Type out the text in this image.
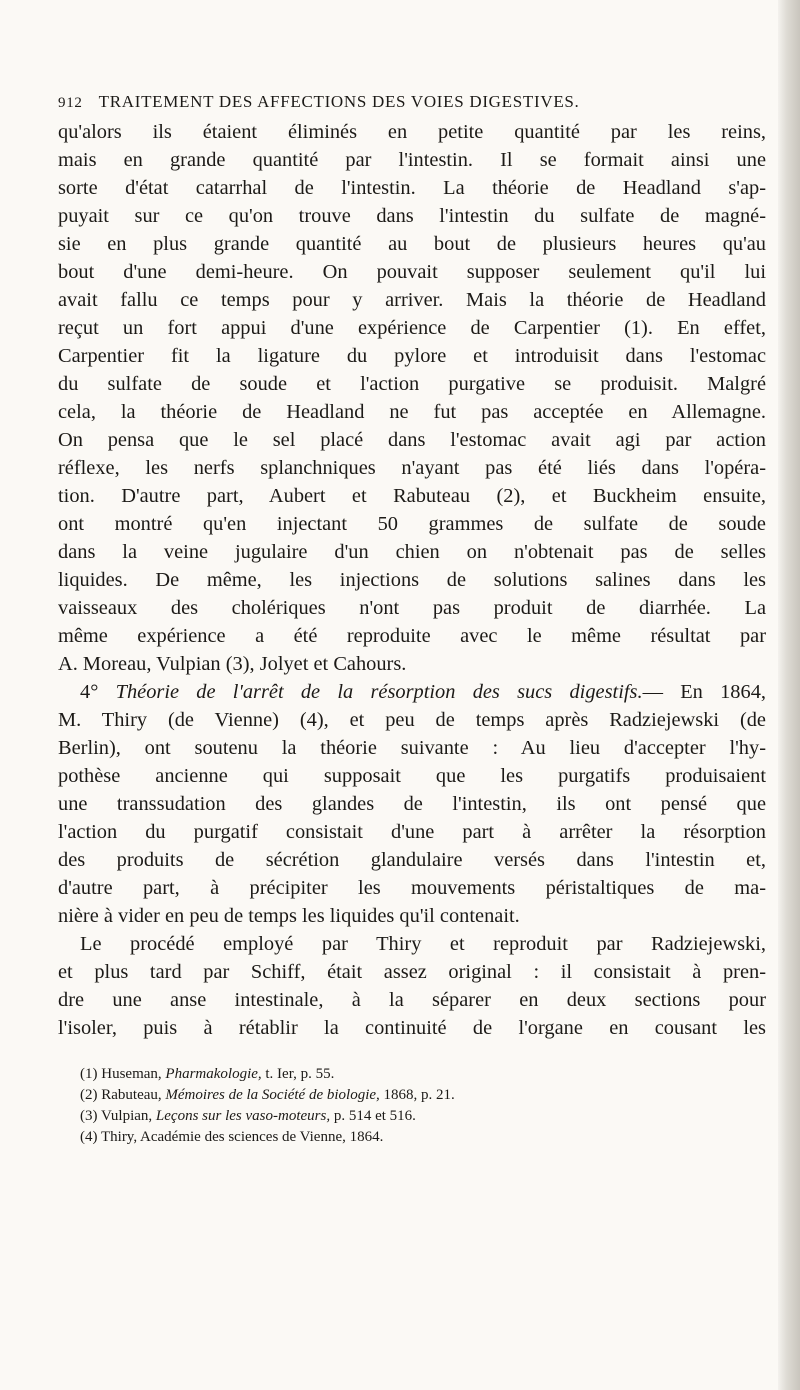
912 TRAITEMENT DES AFFECTIONS DES VOIES DIGESTIVES.
qu'alors ils étaient éliminés en petite quantité par les reins,
mais en grande quantité par l'intestin. Il se formait ainsi une
sorte d'état catarrhal de l'intestin. La théorie de Headland s'ap-
puyait sur ce qu'on trouve dans l'intestin du sulfate de magné-
sie en plus grande quantité au bout de plusieurs heures qu'au
bout d'une demi-heure. On pouvait supposer seulement qu'il lui
avait fallu ce temps pour y arriver. Mais la théorie de Headland
reçut un fort appui d'une expérience de Carpentier (1). En effet,
Carpentier fit la ligature du pylore et introduisit dans l'estomac
du sulfate de soude et l'action purgative se produisit. Malgré
cela, la théorie de Headland ne fut pas acceptée en Allemagne.
On pensa que le sel placé dans l'estomac avait agi par action
réflexe, les nerfs splanchniques n'ayant pas été liés dans l'opéra-
tion. D'autre part, Aubert et Rabuteau (2), et Buckheim ensuite,
ont montré qu'en injectant 50 grammes de sulfate de soude
dans la veine jugulaire d'un chien on n'obtenait pas de selles
liquides. De même, les injections de solutions salines dans les
vaisseaux des cholériques n'ont pas produit de diarrhée. La
même expérience a été reproduite avec le même résultat par
A. Moreau, Vulpian (3), Jolyet et Cahours.
4° Théorie de l'arrêt de la résorption des sucs digestifs.— En 1864,
M. Thiry (de Vienne) (4), et peu de temps après Radziejewski (de
Berlin), ont soutenu la théorie suivante : Au lieu d'accepter l'hy-
pothèse ancienne qui supposait que les purgatifs produisaient
une transsudation des glandes de l'intestin, ils ont pensé que
l'action du purgatif consistait d'une part à arrêter la résorption
des produits de sécrétion glandulaire versés dans l'intestin et,
d'autre part, à précipiter les mouvements péristaltiques de ma-
nière à vider en peu de temps les liquides qu'il contenait.
Le procédé employé par Thiry et reproduit par Radziejewski,
et plus tard par Schiff, était assez original : il consistait à pren-
dre une anse intestinale, à la séparer en deux sections pour
l'isoler, puis à rétablir la continuité de l'organe en cousant les
(1) Huseman, Pharmakologie, t. Ier, p. 55.
(2) Rabuteau, Mémoires de la Société de biologie, 1868, p. 21.
(3) Vulpian, Leçons sur les vaso-moteurs, p. 514 et 516.
(4) Thiry, Académie des sciences de Vienne, 1864.
